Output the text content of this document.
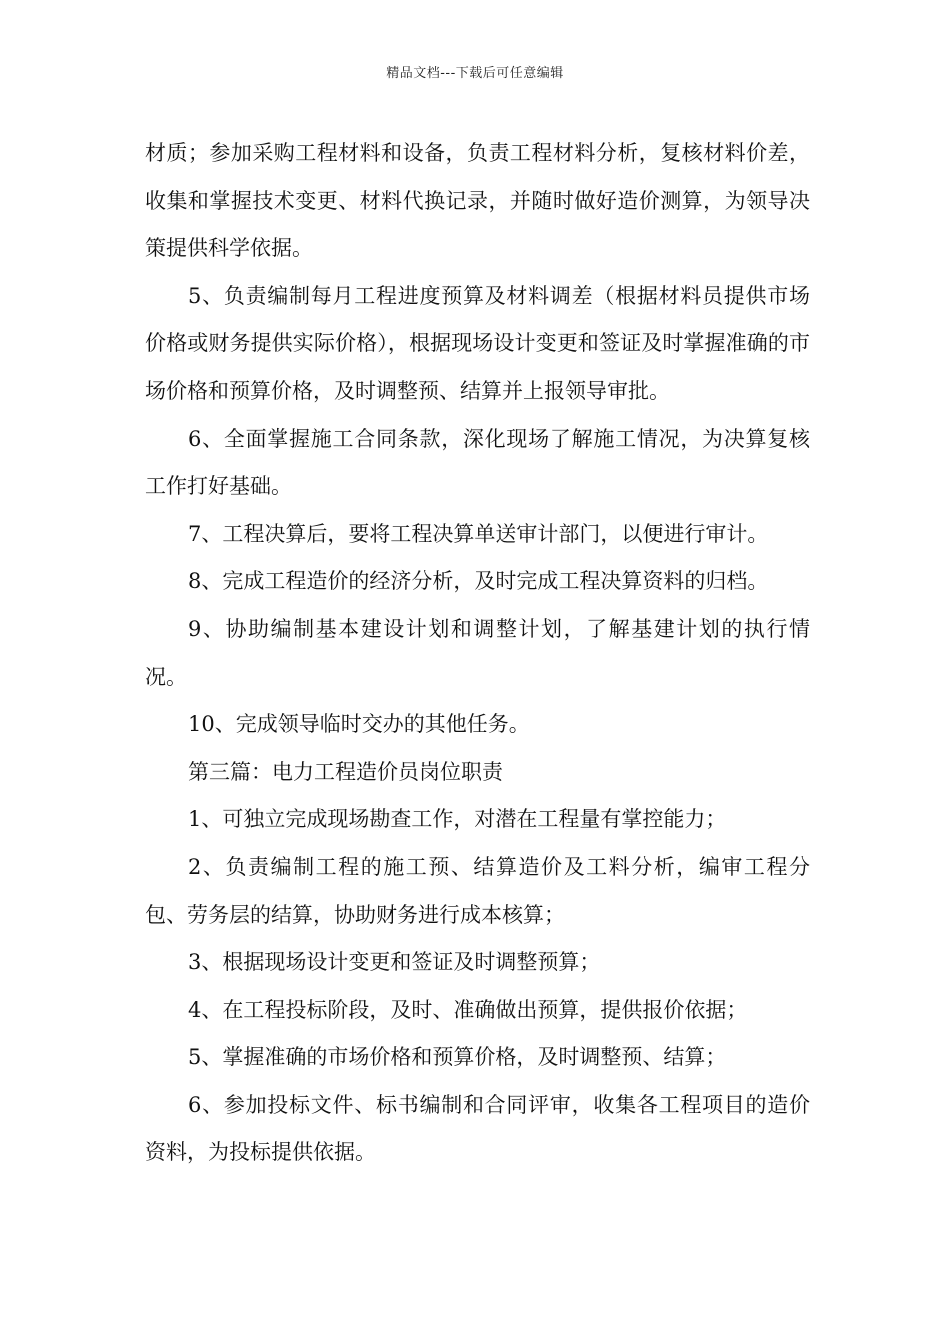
精品文档---下载后可任意编辑

材质；参加采购工程材料和设备，负责工程材料分析，复核材料价差，收集和掌握技术变更、材料代换记录，并随时做好造价测算，为领导决策提供科学依据。

5、负责编制每月工程进度预算及材料调差（根据材料员提供市场价格或财务提供实际价格），根据现场设计变更和签证及时掌握准确的市场价格和预算价格，及时调整预、结算并上报领导审批。

6、全面掌握施工合同条款，深化现场了解施工情况，为决算复核工作打好基础。

7、工程决算后，要将工程决算单送审计部门，以便进行审计。

8、完成工程造价的经济分析，及时完成工程决算资料的归档。

9、协助编制基本建设计划和调整计划，了解基建计划的执行情况。

10、完成领导临时交办的其他任务。

第三篇：电力工程造价员岗位职责

1、可独立完成现场勘查工作，对潜在工程量有掌控能力；

2、负责编制工程的施工预、结算造价及工料分析，编审工程分包、劳务层的结算，协助财务进行成本核算；

3、根据现场设计变更和签证及时调整预算；

4、在工程投标阶段，及时、准确做出预算，提供报价依据；

5、掌握准确的市场价格和预算价格，及时调整预、结算；

6、参加投标文件、标书编制和合同评审，收集各工程项目的造价资料，为投标提供依据。
